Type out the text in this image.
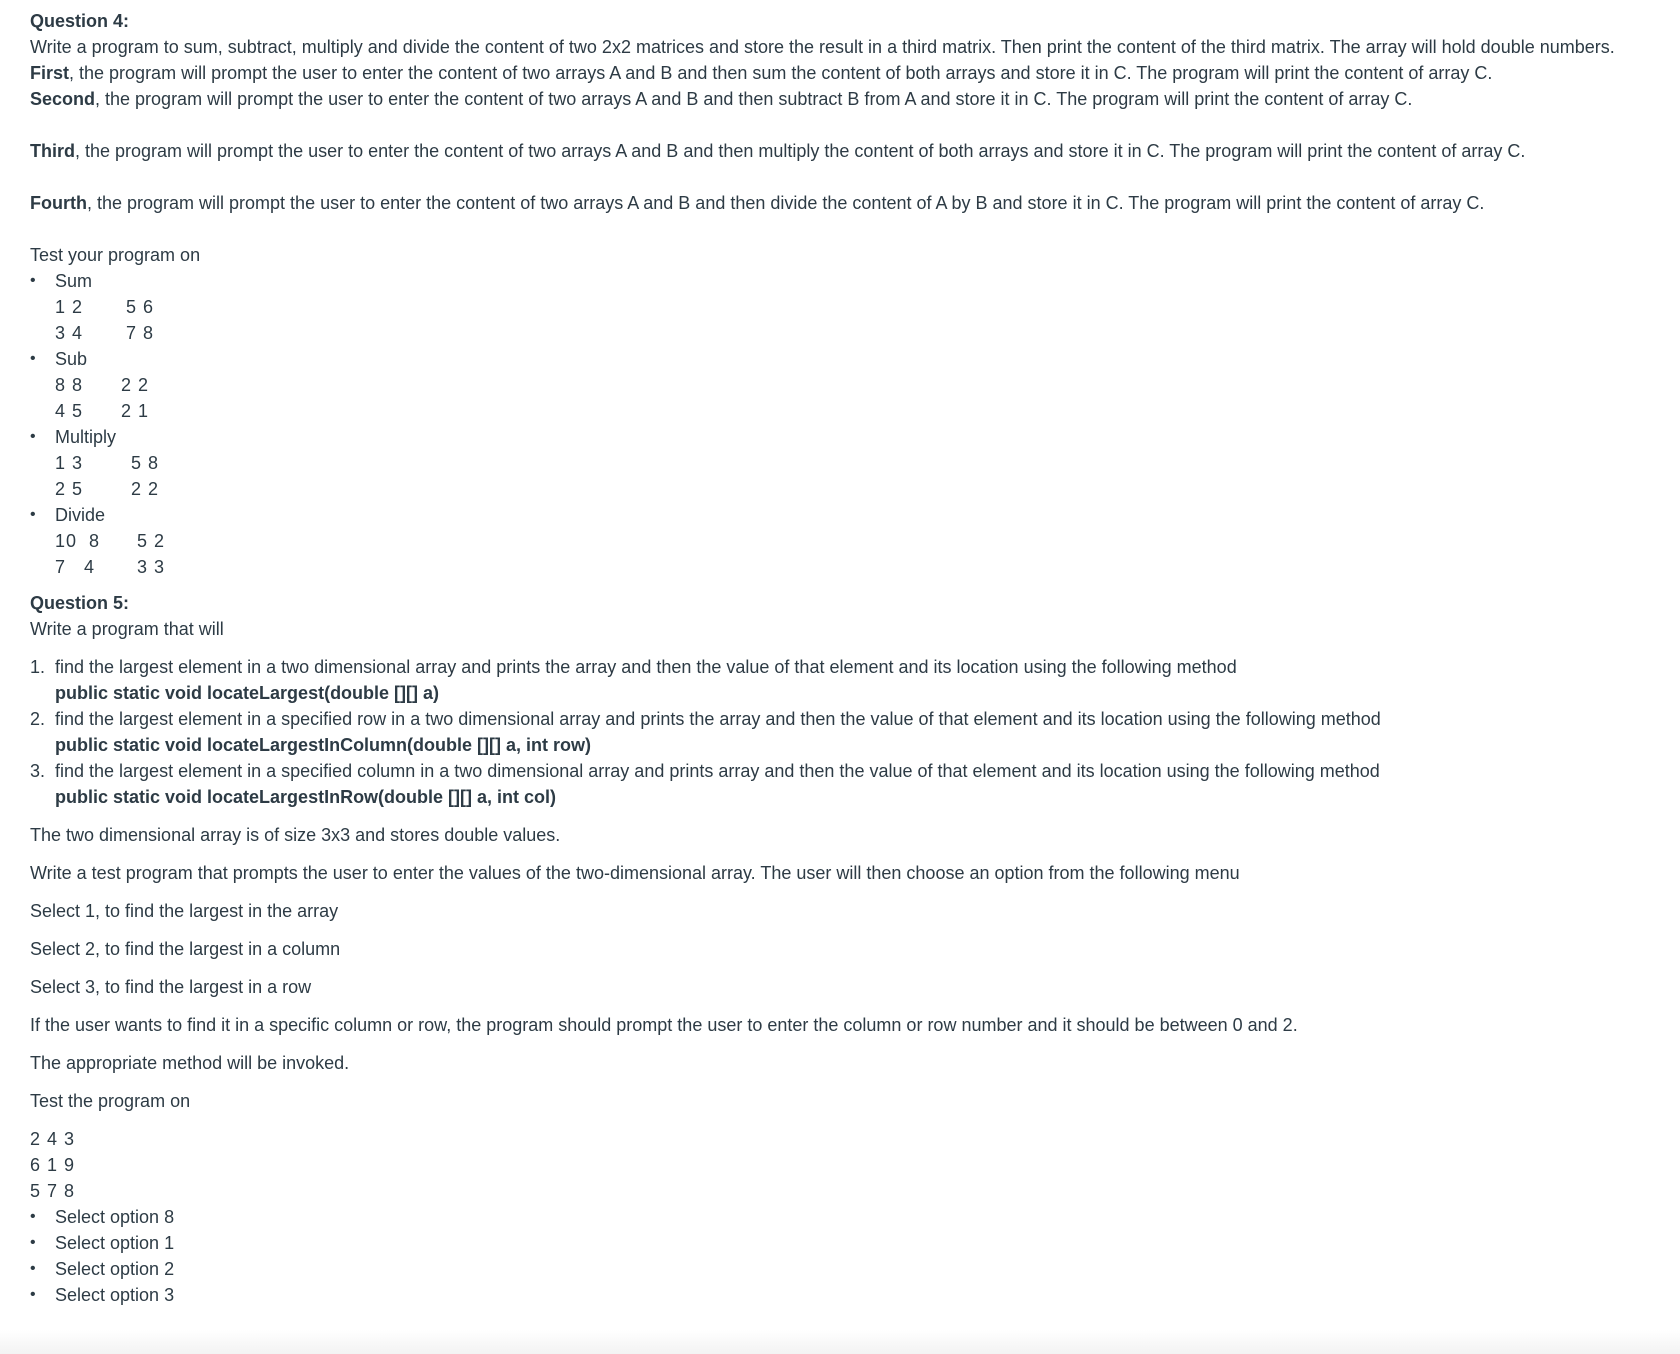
Question 4:

Write a program to sum, subtract, multiply and divide the content of two 2x2 matrices and store the result in a third matrix. Then print the content of the third matrix. The array will hold double numbers.

First, the program will prompt the user to enter the content of two arrays A and B and then sum the content of both arrays and store it in C. The program will print the content of array C.

Second, the program will prompt the user to enter the content of two arrays A and B and then subtract B from A and store it in C. The program will print the content of array C.

Third, the program will prompt the user to enter the content of two arrays A and B and then multiply the content of both arrays and store it in C. The program will print the content of array C.

Fourth, the program will prompt the user to enter the content of two arrays A and B and then divide the content of A by B and store it in C. The program will print the content of array C.

Test your program on

• Sum
1 2	5 6
3 4	7 8
• Sub
8 8	2 2
4 5	2 1
• Multiply
1 3	5 8
2 5	2 2
• Divide
10  8	5 2
7   4	3 3

Question 5:

Write a program that will

1. find the largest element in a two dimensional array and prints the array and then the value of that element and its location using the following method
public static void locateLargest(double [][] a)
2. find the largest element in a specified row in a two dimensional array and prints the array and then the value of that element and its location using the following method
public static void locateLargestInColumn(double [][] a, int row)
3. find the largest element in a specified column in a two dimensional array and prints array and then the value of that element and its location using the following method
public static void locateLargestInRow(double [][] a, int col)

The two dimensional array is of size 3x3 and stores double values.

Write a test program that prompts the user to enter the values of the two-dimensional array. The user will then choose an option from the following menu

Select 1, to find the largest in the array

Select 2, to find the largest in a column

Select 3, to find the largest in a row

If the user wants to find it in a specific column or row, the program should prompt the user to enter the column or row number and it should be between 0 and 2.

The appropriate method will be invoked.

Test the program on

2 4 3
6 1 9
5 7 8
• Select option 8
• Select option 1
• Select option 2
• Select option 3
